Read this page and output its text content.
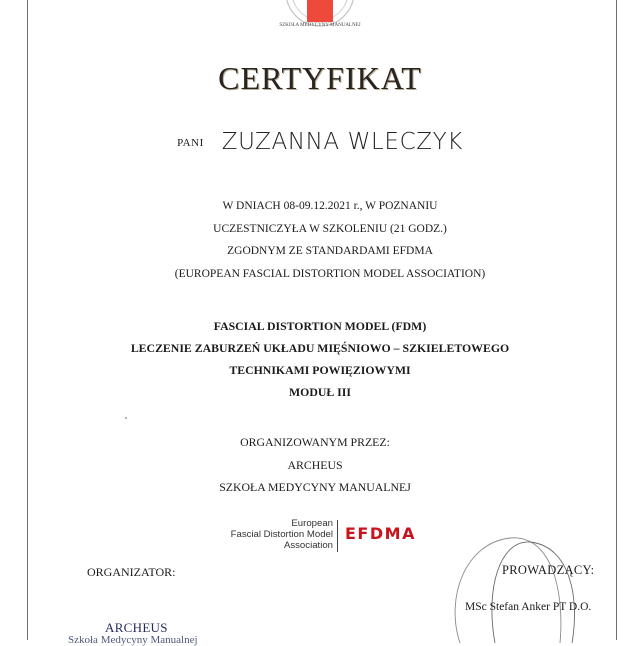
SZKOŁA MEDYCYNY MANUALNEJ
CERTYFIKAT
PANI ZUZANNA WLECZYK
W DNIACH 08-09.12.2021 r., W POZNANIU
UCZESTNICZYŁA W SZKOLENIU (21 GODZ.)
ZGODNYM ZE STANDARDAMI EFDMA
(EUROPEAN FASCIAL DISTORTION MODEL ASSOCIATION)
FASCIAL DISTORTION MODEL (FDM)
LECZENIE ZABURZEŃ UKŁADU MIĘŚNIOWO – SZKIELETOWEGO
TECHNIKAMI POWIĘZIOWYMI
MODUŁ III
ORGANIZOWANYM PRZEZ:
ARCHEUS
SZKOŁA MEDYCYNY MANUALNEJ
European
Fascial Distortion Model
Association
EFDMA
ORGANIZATOR:
ARCHEUS
Szkoła Medycyny Manualnej
PROWADZĄCY:
MSc Stefan Anker PT D.O.
